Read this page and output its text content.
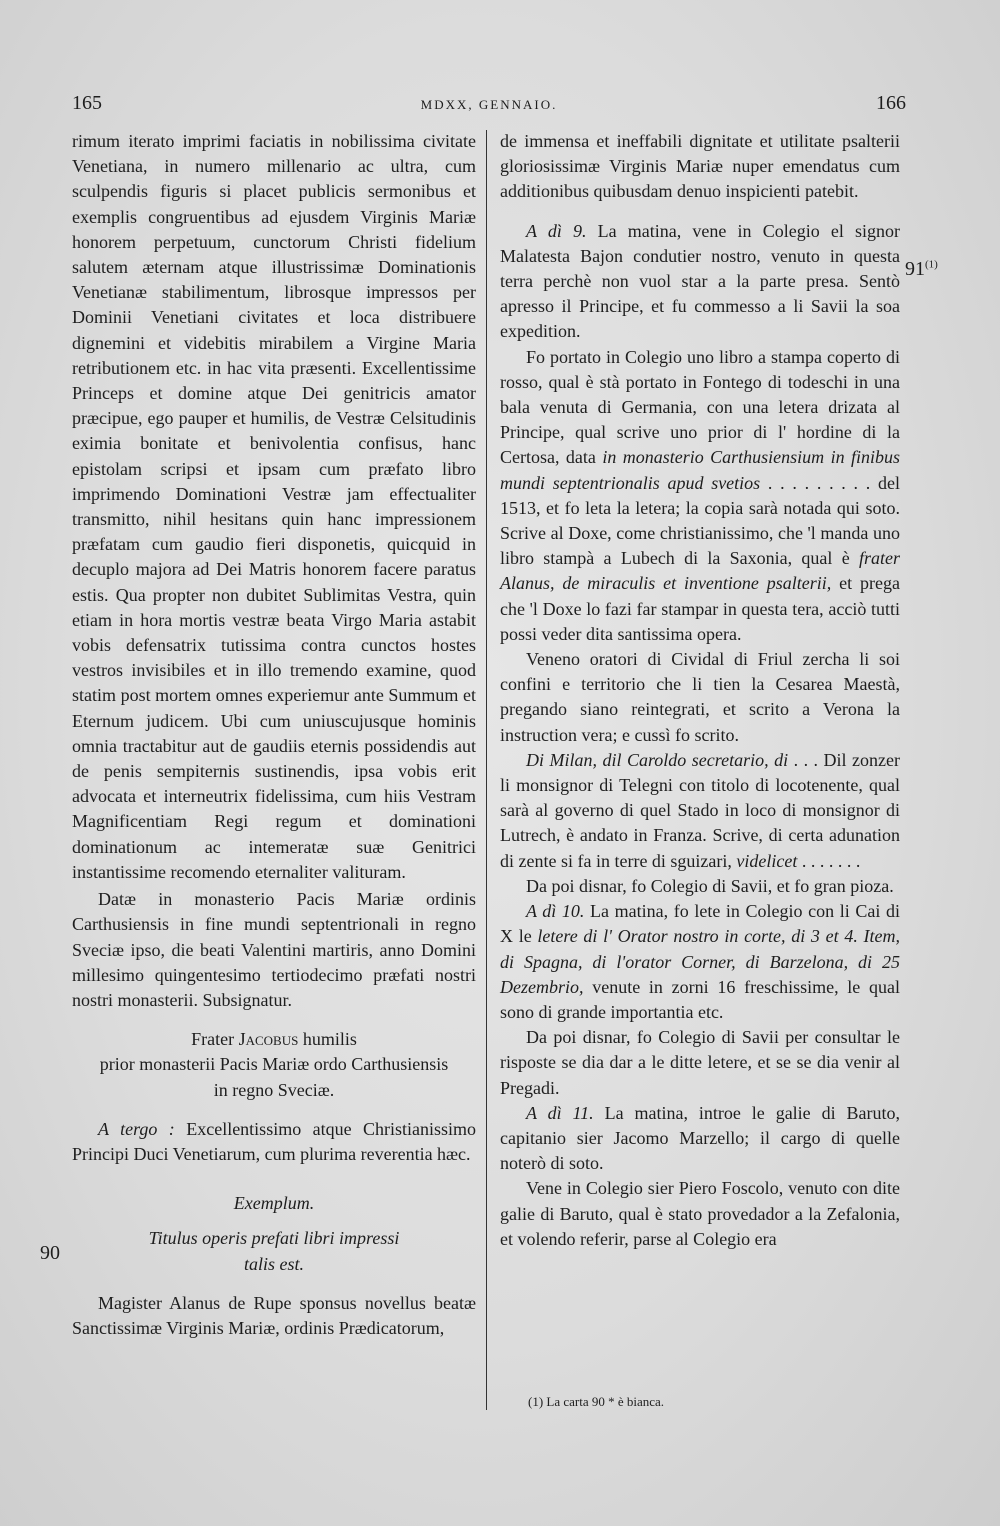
165	MDXX, GENNAIO.	166

rimum iterato imprimi faciatis in nobilissima civitate Venetiana, in numero millenario ac ultra, cum sculpendis figuris si placet publicis sermonibus et exemplis congruentibus ad ejusdem Virginis Mariæ honorem perpetuum, cunctorum Christi fidelium salutem æternam atque illustrissimæ Dominationis Venetianæ stabilimentum, librosque impressos per Dominii Venetiani civitates et loca distribuere dignemini et videbitis mirabilem a Virgine Maria retributionem etc. in hac vita præsenti. Excellentissime Princeps et domine atque Dei genitricis amator præcipue, ego pauper et humilis, de Vestræ Celsitudinis eximia bonitate et benivolentia confisus, hanc epistolam scripsi et ipsam cum præfato libro imprimendo Dominationi Vestræ jam effectualiter transmitto, nihil hesitans quin hanc impressionem præfatam cum gaudio fieri disponetis, quicquid in decuplo majora ad Dei Matris honorem facere paratus estis. Qua propter non dubitet Sublimitas Vestra, quin etiam in hora mortis vestræ beata Virgo Maria astabit vobis defensatrix tutissima contra cunctos hostes vestros invisibiles et in illo tremendo examine, quod statim post mortem omnes experiemur ante Summum et Eternum judicem. Ubi cum uniuscujusque hominis omnia tractabitur aut de gaudiis eternis possidendis aut de penis sempiternis sustinendis, ipsa vobis erit advocata et interneutrix fidelissima, cum hiis Vestram Magnificentiam Regi regum et dominationi dominationum ac intemeratæ suæ Genitrici instantissime recomendo eternaliter valituram.

Datæ in monasterio Pacis Mariæ ordinis Carthusiensis in fine mundi septentrionali in regno Sveciæ ipso, die beati Valentini martiris, anno Domini millesimo quingentesimo tertiodecimo præfati nostri nostri monasterii. Subsignatur.

Frater Jacobus humilis

prior monasterii Pacis Mariæ ordo Carthusiensis

in regno Sveciæ.

A tergo : Excellentissimo atque Christianissimo Principi Duci Venetiarum, cum plurima reverentia hæc.

Exemplum.

Titulus operis prefati libri impressi

talis est.

Magister Alanus de Rupe sponsus novellus beatæ Sanctissimæ Virginis Mariæ, ordinis Prædicatorum,

de immensa et ineffabili dignitate et utilitate psalterii gloriosissimæ Virginis Mariæ nuper emendatus cum additionibus quibusdam denuo inspicienti patebit.

A dì 9. La matina, vene in Colegio el signor Malatesta Bajon condutier nostro, venuto in questa terra perchè non vuol star a la parte presa. Sentò apresso il Principe, et fu commesso a li Savii la soa expedition.

Fo portato in Colegio uno libro a stampa coperto di rosso, qual è stà portato in Fontego di todeschi in una bala venuta di Germania, con una letera drizata al Principe, qual scrive uno prior di l' hordine di la Certosa, data in monasterio Carthusiensium in finibus mundi septentrionalis apud svetios . . . . . . . . . del 1513, et fo leta la letera; la copia sarà notada qui soto. Scrive al Doxe, come christianissimo, che 'l manda uno libro stampà a Lubech di la Saxonia, qual è frater Alanus, de miraculis et inventione psalterii, et prega che 'l Doxe lo fazi far stampar in questa tera, acciò tutti possi veder dita santissima opera.

Veneno oratori di Cividal di Friul zercha li soi confini e territorio che li tien la Cesarea Maestà, pregando siano reintegrati, et scrito a Verona la instruction vera; e cussì fo scrito.

Di Milan, dil Caroldo secretario, di . . . Dil zonzer li monsignor di Telegni con titolo di locotenente, qual sarà al governo di quel Stado in loco di monsignor di Lutrech, è andato in Franza. Scrive, di certa adunation di zente si fa in terre di sguizari, videlicet . . . . . . .

Da poi disnar, fo Colegio di Savii, et fo gran pioza.

A dì 10. La matina, fo lete in Colegio con li Cai di X le letere di l' Orator nostro in corte, di 3 et 4. Item, di Spagna, di l'orator Corner, di Barzelona, di 25 Dezembrio, venute in zorni 16 freschissime, le qual sono di grande importantia etc.

Da poi disnar, fo Colegio di Savii per consultar le risposte se dia dar a le ditte letere, et se se dia venir al Pregadi.

A dì 11. La matina, introe le galie di Baruto, capitanio sier Jacomo Marzello; il cargo di quelle noterò di soto.

Vene in Colegio sier Piero Foscolo, venuto con dite galie di Baruto, qual è stato provedador a la Zefalonia, et volendo referir, parse al Colegio era

90
91$^{(1)}$
(1) La carta 90 * è bianca.
